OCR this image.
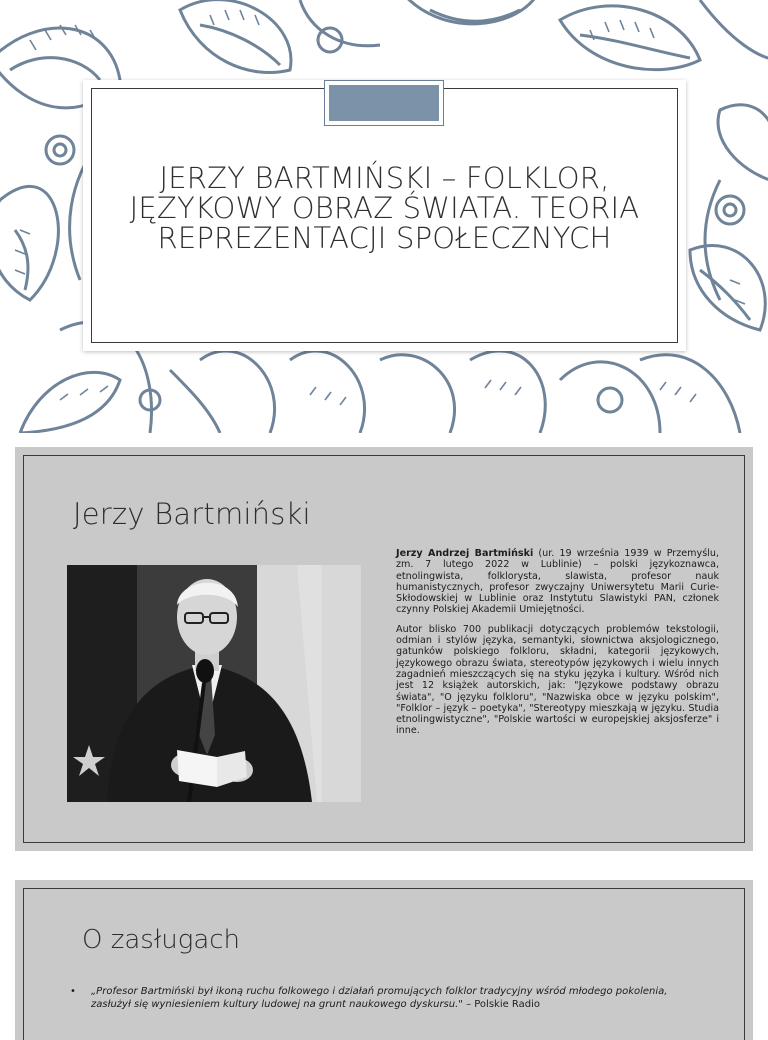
JERZY BARTMIŃSKI – FOLKLOR, JĘZYKOWY OBRAZ ŚWIATA. TEORIA REPREZENTACJI SPOŁECZNYCH
Jerzy Bartmiński

Jerzy Andrzej Bartmiński (ur. 19 września 1939 w Przemyślu, zm. 7 lutego 2022 w Lublinie) – polski językoznawca, etnolingwista, folklorysta, slawista, profesor nauk humanistycznych, profesor zwyczajny Uniwersytetu Marii Curie-Skłodowskiej w Lublinie oraz Instytutu Slawistyki PAN, członek czynny Polskiej Akademii Umiejętności.

Autor blisko 700 publikacji dotyczących problemów tekstologii, odmian i stylów języka, semantyki, słownictwa aksjologicznego, gatunków polskiego folkloru, składni, kategorii językowych, językowego obrazu świata, stereotypów językowych i wielu innych zagadnień mieszczących się na styku języka i kultury. Wśród nich jest 12 książek autorskich, jak: "Językowe podstawy obrazu świata", "O języku folkloru", "Nazwiska obce w języku polskim", "Folklor – język – poetyka", "Stereotypy mieszkają w języku. Studia etnolingwistyczne", "Polskie wartości w europejskiej aksjosferze" i inne.

O zasługach
• „Profesor Bartmiński był ikoną ruchu folkowego i działań promujących folklor tradycyjny wśród młodego pokolenia, zasłużył się wyniesieniem kultury ludowej na grunt naukowego dyskursu." – Polskie Radio
